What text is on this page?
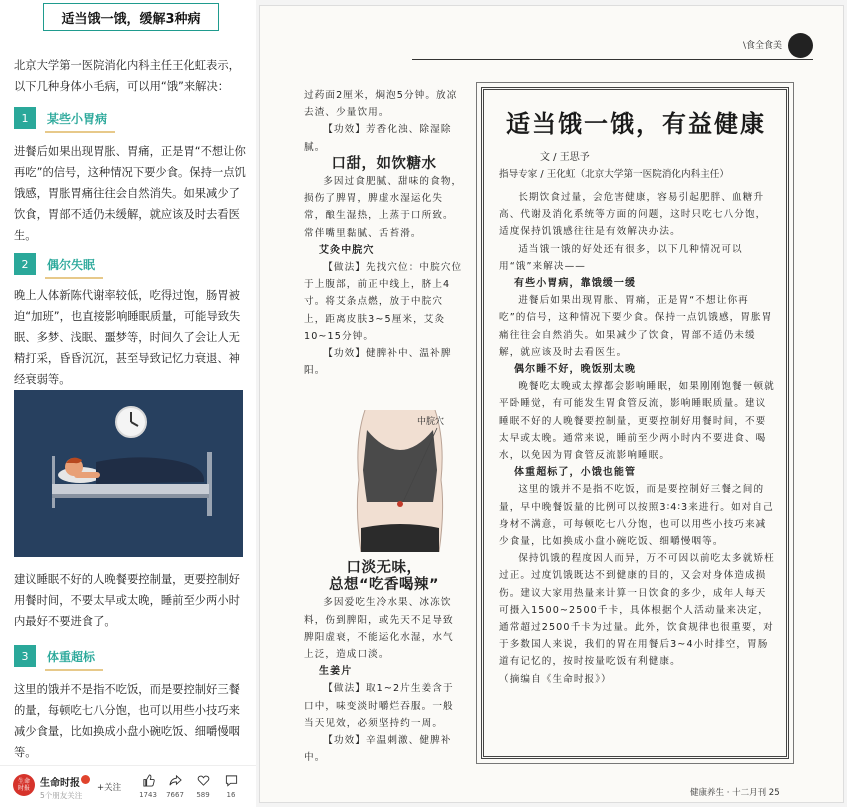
适当饿一饿，缓解3种病
北京大学第一医院消化内科主任王化虹表示，以下几种身体小毛病，可以用“饿”来解决：
1	某些小胃病
进餐后如果出现胃胀、胃痛，正是胃“不想让你再吃”的信号，这种情况下要少食。保持一点饥饿感，胃胀胃痛往往会自然消失。如果减少了饮食，胃部不适仍未缓解，就应该及时去看医生。
2	偶尔失眠
晚上人体新陈代谢率较低，吃得过饱，肠胃被迫“加班”，也直接影响睡眠质量，可能导致失眠、多梦、浅眠、噩梦等，时间久了会让人无精打采，昏昏沉沉，甚至导致记忆力衰退、神经衰弱等。
建议睡眠不好的人晚餐要控制量，更要控制好用餐时间，不要太早或太晚，睡前至少两小时内最好不要进食了。
3	体重超标
这里的饿并不是指不吃饭，而是要控制好三餐的量，每顿吃七八分饱，也可以用些小技巧来减少食量，比如换成小盘小碗吃饭、细嚼慢咽等。
生命
时报	生命时报
5个朋友关注
+关注
1743 7667	589	16
\食全食美

过药面2厘米，焖泡5分钟。放凉去渣、少量饮用。

【功效】芳香化浊、除湿除腻。

口甜，如饮糖水

多因过食肥腻、甜味的食物，损伤了脾胃，脾虚水湿运化失常，酿生湿热，上蒸于口所致。常伴嘴里黏腻、舌苔滑。

艾灸中脘穴

【做法】先找穴位：中脘穴位于上腹部，前正中线上，脐上4寸。将艾条点燃，放于中脘穴上，距离皮肤3~5厘米，艾灸10~15分钟。

【功效】健脾补中、温补脾阳。

中脘穴
口淡无味，
总想“吃香喝辣”

多因爱吃生冷水果、冰冻饮料，伤到脾阳，或先天不足导致脾阳虚衰，不能运化水湿，水气上泛，造成口淡。

生姜片

【做法】取1~2片生姜含于口中，味变淡时嚼烂吞服。一般当天见效，必须坚持约一周。

【功效】辛温刺激、健脾补中。

适当饿一饿，有益健康
文 / 王思予
指导专家 / 王化虹（北京大学第一医院消化内科主任）

长期饮食过量，会危害健康，容易引起肥胖、血糖升高、代谢及消化系统等方面的问题，这时只吃七八分饱，适度保持饥饿感往往是有效解决办法。

适当饿一饿的好处还有很多，以下几种情况可以用“饿”来解决——

有些小胃病，靠饿缓一缓

进餐后如果出现胃胀、胃痛，正是胃“不想让你再吃”的信号，这种情况下要少食。保持一点饥饿感，胃胀胃痛往往会自然消失。如果减少了饮食，胃部不适仍未缓解，就应该及时去看医生。

偶尔睡不好，晚饭别太晚

晚餐吃太晚或太撑都会影响睡眠，如果刚刚饱餐一顿就平卧睡觉，有可能发生胃食管反流，影响睡眠质量。建议睡眠不好的人晚餐要控制量，更要控制好用餐时间，不要太早或太晚。通常来说，睡前至少两小时内不要进食、喝水，以免因为胃食管反流影响睡眠。

体重超标了，小饿也能管

这里的饿并不是指不吃饭，而是要控制好三餐之间的量，早中晚餐饭量的比例可以按照3∶4∶3来进行。如对自己身材不满意，可每顿吃七八分饱，也可以用些小技巧来减少食量，比如换成小盘小碗吃饭、细嚼慢咽等。

保持饥饿的程度因人而异，万不可因以前吃太多就矫枉过正。过度饥饿既达不到健康的目的，又会对身体造成损伤。建议大家用热量来计算一日饮食的多少，成年人每天可摄入1500~2500千卡，具体根据个人活动量来决定，通常超过2500千卡为过量。此外，饮食规律也很重要，对于多数国人来说，我们的胃在用餐后3~4小时排空，胃肠道有记忆的，按时按量吃饭有利健康。

（摘编自《生命时报》）

健康养生 · 十二月刊 25
